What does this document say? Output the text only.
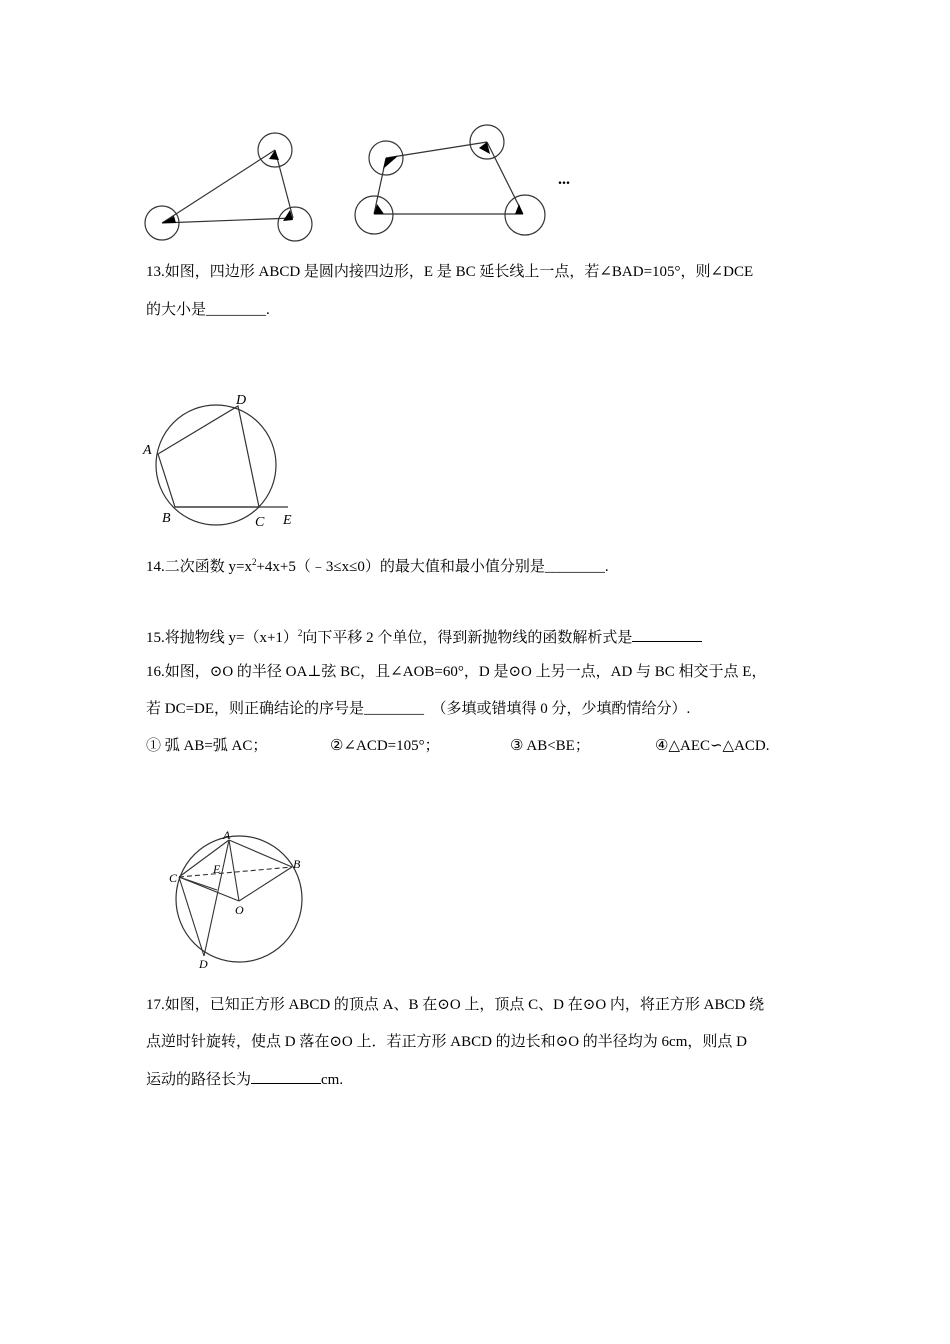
...
13.如图，四边形 ABCD 是圆内接四边形，E 是 BC 延长线上一点，若∠BAD=105°，则∠DCE
的大小是________.
A
D
B	C E
14.二次函数 $y=x^2+4x+5(﹣3\le x\le 0)$的最大值和最小值分别是________.
15.将抛物线 $y=(x+1)^2$向下平移 2 个单位，得到新抛物线的函数解析式是
16.如图，⊙O 的半径 OA⊥弦 BC，且∠AOB=60°，D 是⊙O 上另一点，AD 与 BC 相交于点 E，
若 DC=DE，则正确结论的序号是________ （多填或错填得 0 分，少填酌情给分）.
① 弧 AB=弧 AC；	②∠ACD=105°；	③ AB<BE；	④△AEC∽△ACD.
A
B
C
E
O
D
17.如图，已知正方形 ABCD 的顶点 A、B 在⊙O 上，顶点 C、D 在⊙O 内，将正方形 ABCD 绕
点逆时针旋转，使点 D 落在⊙O 上．若正方形 ABCD 的边长和⊙O 的半径均为 6cm，则点 D
运动的路径长为	cm.
